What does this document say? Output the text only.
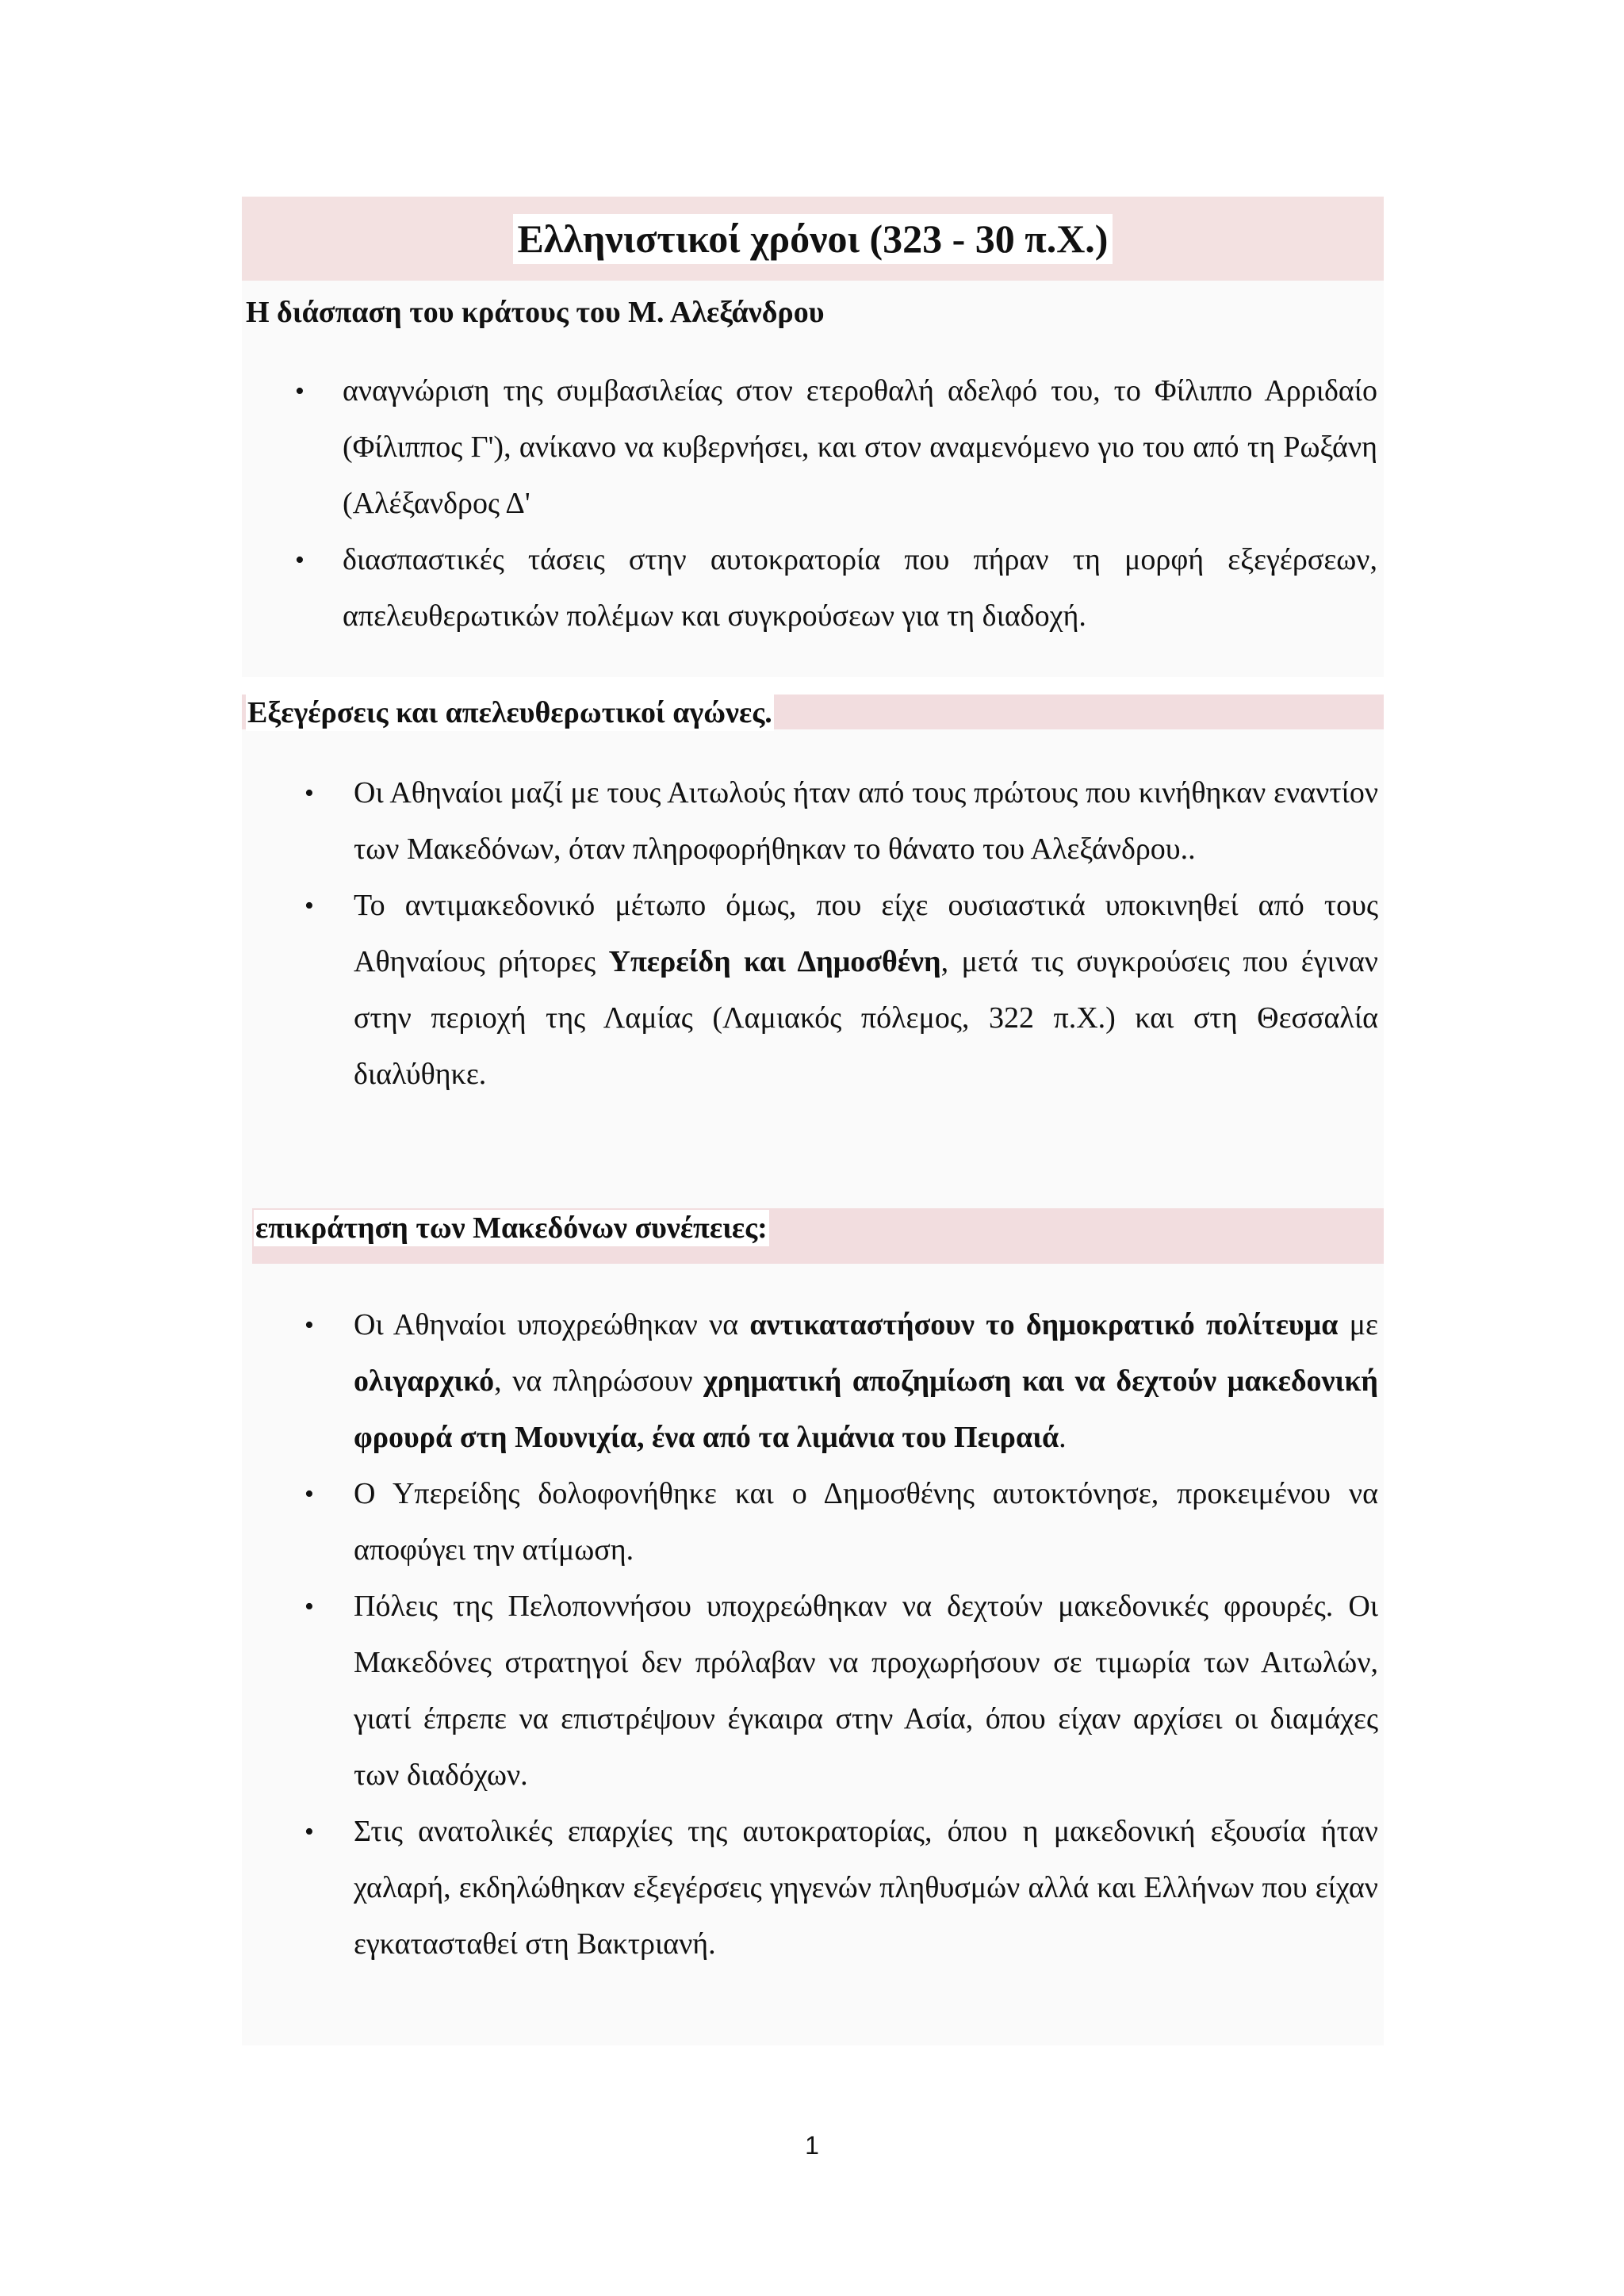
Ελληνιστικοί χρόνοι (323 - 30 π.Χ.)
Η διάσπαση του κράτους του Μ. Αλεξάνδρου
• αναγνώριση της συμβασιλείας στον ετεροθαλή αδελφό του, το Φίλιππο Αρριδαίο (Φίλιππος Γ'), ανίκανο να κυβερνήσει, και στον αναμενόμενο γιο του από τη Ρωξάνη (Αλέξανδρος Δ'
• διασπαστικές τάσεις στην αυτοκρατορία που πήραν τη μορφή εξεγέρσεων, απελευθερωτικών πολέμων και συγκρούσεων για τη διαδοχή.
Εξεγέρσεις και απελευθερωτικοί αγώνες.
• Οι Αθηναίοι μαζί με τους Αιτωλούς ήταν από τους πρώτους που κινήθηκαν εναντίον των Μακεδόνων, όταν πληροφορήθηκαν το θάνατο του Αλεξάνδρου..
• Το αντιμακεδονικό μέτωπο όμως, που είχε ουσιαστικά υποκινηθεί από τους Αθηναίους ρήτορες Υπερείδη και Δημοσθένη, μετά τις συγκρούσεις που έγιναν στην περιοχή της Λαμίας (Λαμιακός πόλεμος, 322 π.Χ.) και στη Θεσσαλία διαλύθηκε.
επικράτηση των Μακεδόνων συνέπειες:
• Οι Αθηναίοι υποχρεώθηκαν να αντικαταστήσουν το δημοκρατικό πολίτευμα με ολιγαρχικό, να πληρώσουν χρηματική αποζημίωση και να δεχτούν μακεδονική φρουρά στη Μουνιχία, ένα από τα λιμάνια του Πειραιά.
• Ο Υπερείδης δολοφονήθηκε και ο Δημοσθένης αυτοκτόνησε, προκειμένου να αποφύγει την ατίμωση.
• Πόλεις της Πελοποννήσου υποχρεώθηκαν να δεχτούν μακεδονικές φρουρές. Οι Μακεδόνες στρατηγοί δεν πρόλαβαν να προχωρήσουν σε τιμωρία των Αιτωλών, γιατί έπρεπε να επιστρέψουν έγκαιρα στην Ασία, όπου είχαν αρχίσει οι διαμάχες των διαδόχων.
• Στις ανατολικές επαρχίες της αυτοκρατορίας, όπου η μακεδονική εξουσία ήταν χαλαρή, εκδηλώθηκαν εξεγέρσεις γηγενών πληθυσμών αλλά και Ελλήνων που είχαν εγκατασταθεί στη Βακτριανή.
1
